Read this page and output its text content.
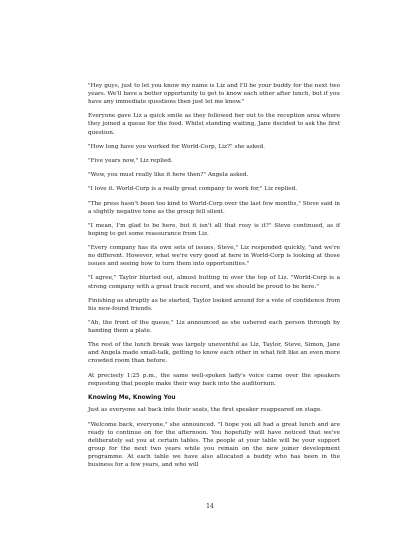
"Hey guys, just to let you know my name is Liz and I'll be your buddy for the next two years. We'll have a better opportunity to get to know each other after lunch, but if you have any immediate questions then just let me know."

Everyone gave Liz a quick smile as they followed her out to the reception area where they joined a queue for the food. Whilst standing waiting, Jane decided to ask the first question.

"How long have you worked for World-Corp, Liz?" she asked.

"Five years now," Liz replied.

"Wow, you must really like it here then?" Angela asked.

"I love it. World-Corp is a really great company to work for," Liz replied.

"The press hasn't been too kind to World-Corp over the last few months," Steve said in a slightly negative tone as the group fell silent.

"I mean, I'm glad to be here, but it isn't all that rosy is it?" Steve continued, as if hoping to get some reassurance from Liz.

"Every company has its own sets of issues, Steve," Liz responded quickly, "and we're no different. However, what we're very good at here in World-Corp is looking at those issues and seeing how to turn them into opportunities."

"I agree," Taylor blurted out, almost butting in over the top of Liz. "World-Corp is a strong company with a great track record, and we should be proud to be here."

Finishing as abruptly as he started, Taylor looked around for a vote of confidence from his new-found friends.

"Ah, the front of the queue," Liz announced as she ushered each person through by handing them a plate.

The rest of the lunch break was largely uneventful as Liz, Taylor, Steve, Simon, Jane and Angela made small-talk, getting to know each other in what felt like an even more crowded room than before.

At precisely 1:25 p.m., the same well-spoken lady's voice came over the speakers requesting that people make their way back into the auditorium.

Knowing Me, Knowing You

Just as everyone sat back into their seats, the first speaker reappeared on stage.

"Welcome back, everyone," she announced. "I hope you all had a great lunch and are ready to continue on for the afternoon. You hopefully will have noticed that we've deliberately sat you at certain tables. The people at your table will be your support group for the next two years while you remain on the new joiner development programme. At each table we have also allocated a buddy who has been in the business for a few years, and who will

14
